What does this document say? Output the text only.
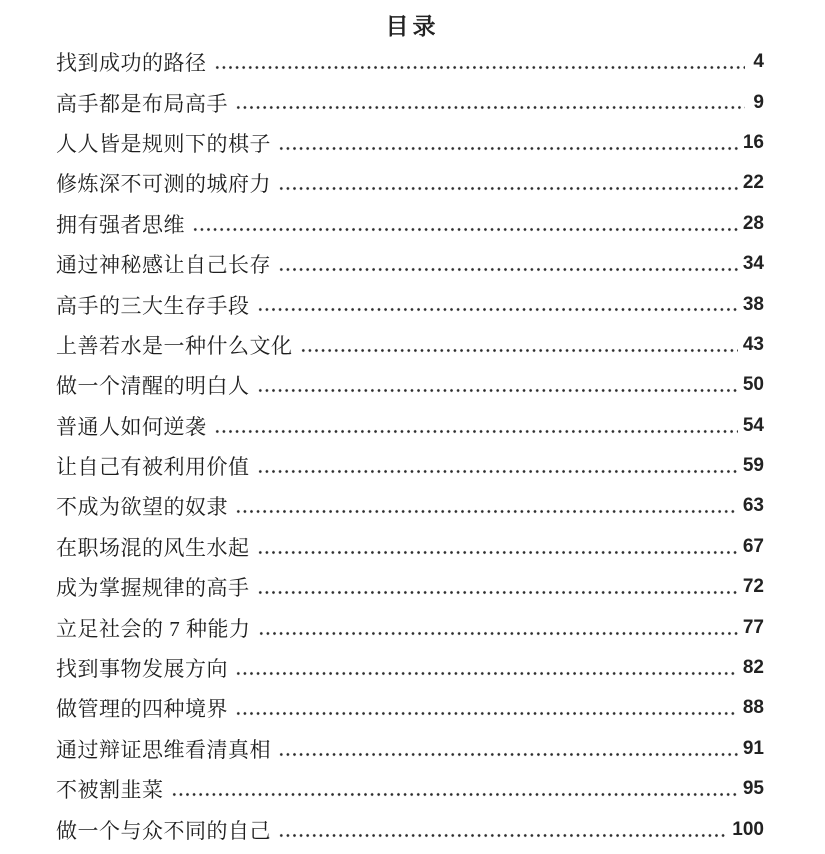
目录
找到成功的路径	4
高手都是布局高手	9
人人皆是规则下的棋子	16
修炼深不可测的城府力	22
拥有强者思维	28
通过神秘感让自己长存	34
高手的三大生存手段	38
上善若水是一种什么文化	43
做一个清醒的明白人	50
普通人如何逆袭	54
让自己有被利用价值	59
不成为欲望的奴隶	63
在职场混的风生水起	67
成为掌握规律的高手	72
立足社会的 7 种能力	77
找到事物发展方向	82
做管理的四种境界	88
通过辩证思维看清真相	91
不被割韭菜	95
做一个与众不同的自己	100
